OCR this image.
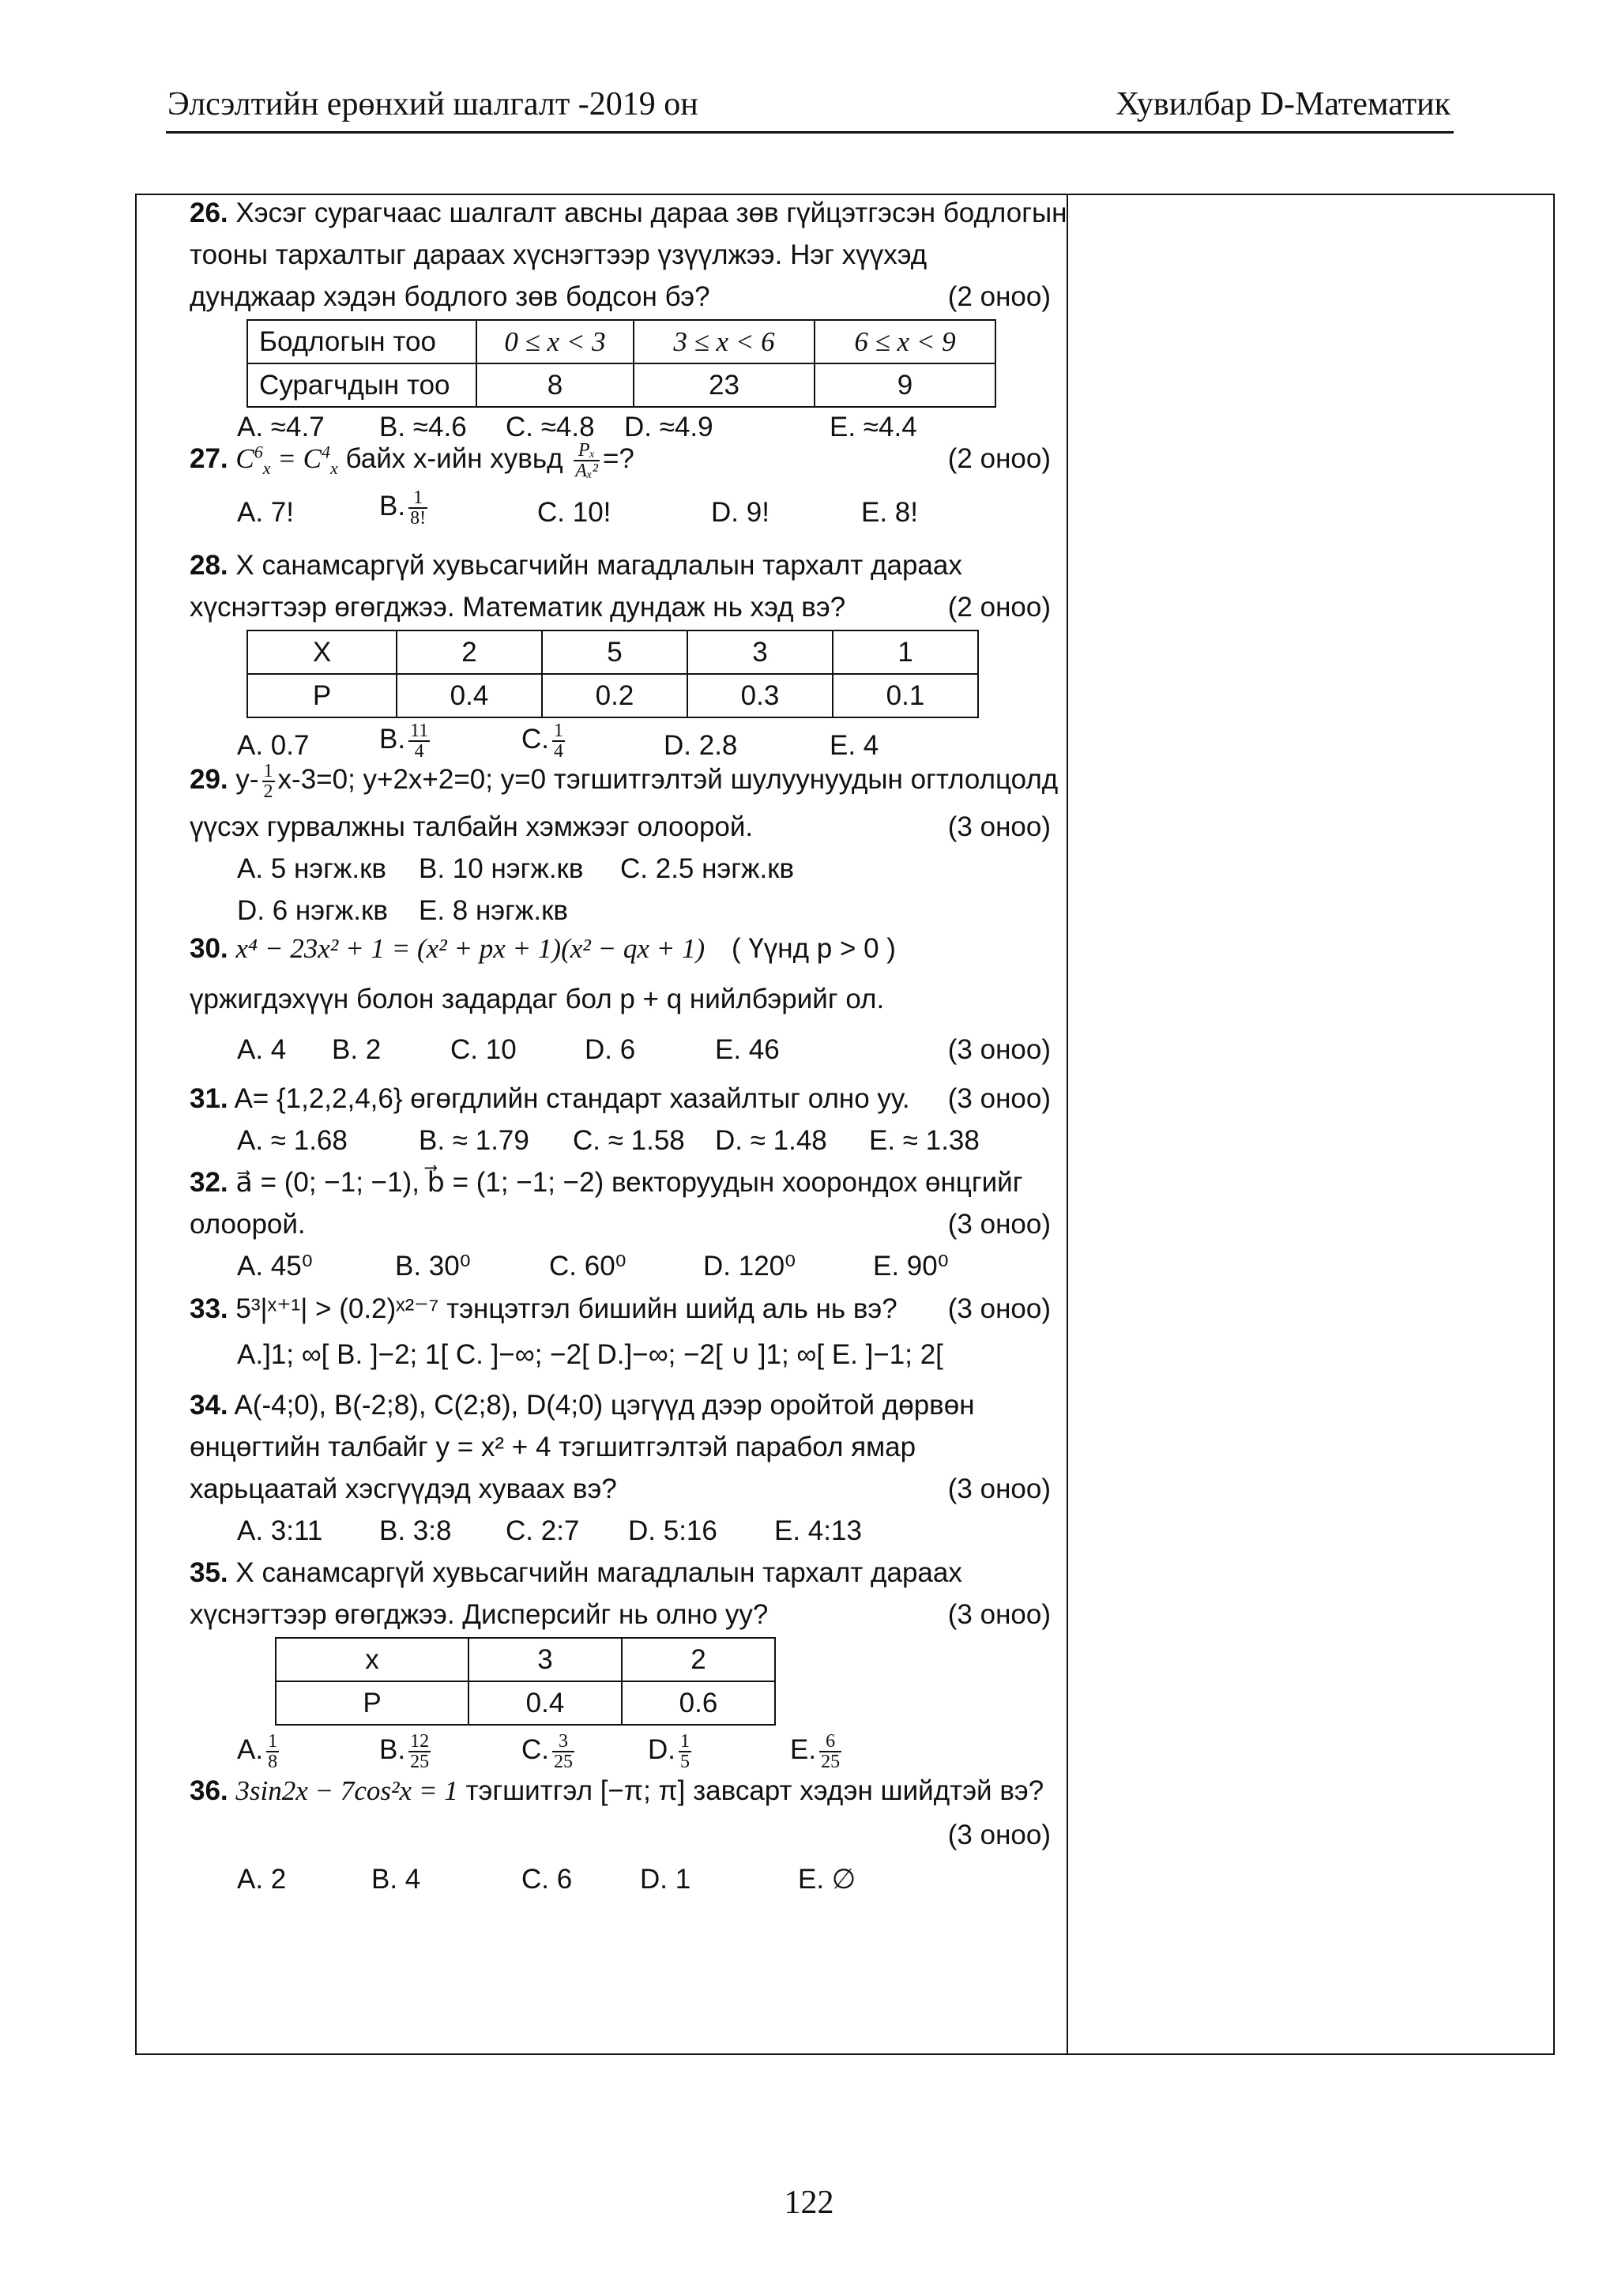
Элсэлтийн ерөнхий шалгалт -2019 он	Хувилбар D-Математик
26. Хэсэг сурагчаас шалгалт авсны дараа зөв гүйцэтгэсэн бодлогын
тооны тархалтыг дараах хүснэгтээр үзүүлжээ. Нэг хүүхэд
дунджаар хэдэн бодлого зөв бодсон бэ?	(2 оноо)
Бодлогын тоо	0 ≤ x < 3	3 ≤ x < 6	6 ≤ x < 9
Сурагчдын тоо	8	23	9
A. ≈4.7 B. ≈4.6 C. ≈4.8 D. ≈4.9	E. ≈4.4
27. $C^6_x = C^4_x$ байх x-ийн хувьд $\frac{\text{Pₓ}}{\text{Aₓ²}}$ =?	(2 оноо)
A. 7!	B. $\frac{1}{8!}$	C. 10!	D. 9!	E. 8!
28. X санамсаргүй хувьсагчийн магадлалын тархалт дараах
хүснэгтээр өгөгджээ. Математик дундаж нь хэд вэ?	(2 оноо)
X	2	5	3	1
P	0.4	0.2	0.3	0.1
A. 0.7	B. $\frac{11}{4}$	C. $\frac{1}{4}$	D. 2.8	E. 4
29. $y- \frac{1}{2} x-3=0$; y+2x+2=0; y=0 тэгшитгэлтэй шулуунуудын огтлолцолд
үүсэх гурвалжны талбайн хэмжээг олоорой.	(3 оноо)
A. 5 нэгж.кв B. 10 нэгж.кв C. 2.5 нэгж.кв
D. 6 нэгж.кв E. 8 нэгж.кв
30. x⁴ − 23x² + 1 = (x² + px + 1)(x² − qx + 1) ( Үүнд p > 0 )
үржигдэхүүн болон задардаг бол p + q нийлбэрийг ол.
A. 4 B. 2	C. 10 D. 6	E. 46	(3 оноо)
31. A= {1,2,2,4,6} өгөгдлийн стандарт хазайлтыг олно уу. (3 оноо)
A. ≈ 1.68	B. ≈ 1.79 C. ≈ 1.58 D. ≈ 1.48 E. ≈ 1.38
32. a⃗ = (0; −1; −1), b⃗ = (1; −1; −2) векторуудын хоорондох өнцгийг
олоорой.	(3 оноо)
A. 45⁰	B. 30⁰	C. 60⁰	D. 120⁰	E. 90⁰
33. 5³|ˣ⁺¹| > (0.2)ˣ²⁻⁷ тэнцэтгэл бишийн шийд аль нь вэ? (3 оноо)
A.]1; ∞[ B. ]−2; 1[ C. ]−∞; −2[ D.]−∞; −2[ ∪ ]1; ∞[ E. ]−1; 2[
34. A(-4;0), B(-2;8), C(2;8), D(4;0) цэгүүд дээр оройтой дөрвөн
өнцөгтийн талбайг y = x² + 4 тэгшитгэлтэй парабол ямар
харьцаатай хэсгүүдэд хуваах вэ?	(3 оноо)
A. 3:11 B. 3:8 C. 2:7 D. 5:16 E. 4:13
35. X санамсаргүй хувьсагчийн магадлалын тархалт дараах
хүснэгтээр өгөгджээ. Дисперсийг нь олно уу?	(3 оноо)
x	3	2
P	0.4	0.6
A. $\frac{1}{8}$	B. $\frac{12}{25}$	C. $\frac{3}{25}$	D. $\frac{1}{5}$	E. $\frac{6}{25}$
36. 3sin2x − 7cos²x = 1 тэгшитгэл [−π; π] завсарт хэдэн шийдтэй вэ?
(3 оноо)
A. 2	B. 4	C. 6 D. 1	E. ∅
122
